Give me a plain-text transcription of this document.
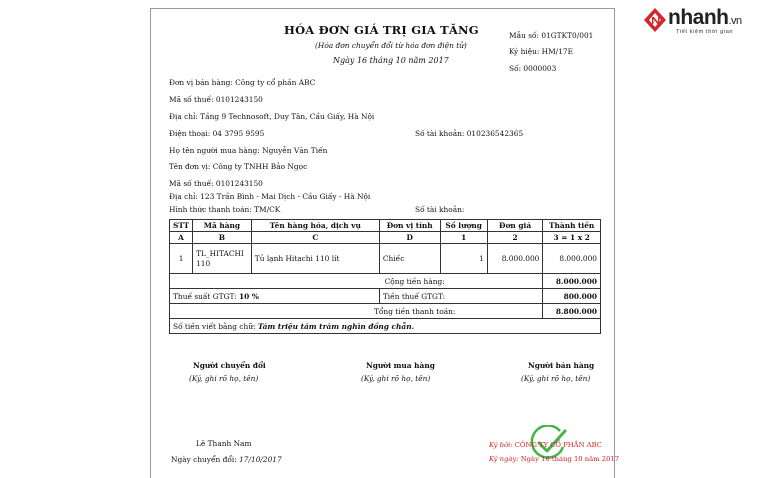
nhanh.vn
Tiết kiệm thời gian
HÓA ĐƠN GIÁ TRỊ GIA TĂNG
(Hóa đơn chuyển đổi từ hóa đơn điện tử)
Ngày 16 tháng 10 năm 2017
Mẫu số: 01GTKT0/001
Ký hiệu: HM/17E
Số: 0000003
Đơn vị bán hàng: Công ty cổ phần ABC
Mã số thuế: 0101243150
Địa chỉ: Tầng 9 Technosoft, Duy Tân, Cầu Giấy, Hà Nội
Điện thoại: 04 3795 9595	Số tài khoản: 010236542365
Họ tên người mua hàng: Nguyễn Văn Tiến
Tên đơn vị: Công ty TNHH Bảo Ngọc
Mã số thuế: 0101243150
Địa chỉ: 123 Trần Bình - Mai Dịch - Cầu Giấy - Hà Nội
Hình thức thanh toán: TM/CK	Số tài khoản:
STT	Mã hàng	Tên hàng hóa, dịch vụ	Đơn vị tính	Số lượng	Đơn giá	Thành tiền
A	B	C	D	1	2	3 = 1 x 2
1	TL_HITACHI 110	Tủ lạnh Hitachi 110 lít	Chiếc	1	8.000.000	8.000.000
Cộng tiền hàng:						8.000.000
Thuế suất GTGT: 10 %			Tiền thuế GTGT:			800.000
Tổng tiền thanh toán:						8.800.000
Số tiền viết bằng chữ: Tám triệu tám trăm nghìn đồng chẵn.						
Người chuyển đổi
(Ký, ghi rõ họ, tên)
Người mua hàng
(Ký, ghi rõ họ, tên)
Người bán hàng
(Ký, ghi rõ họ, tên)
Lê Thanh Nam
Ngày chuyển đổi: 17/10/2017
Ký bởi: CÔNG TY CỔ PHẦN ABC
Ký ngày: Ngày 16 tháng 10 năm 2017
